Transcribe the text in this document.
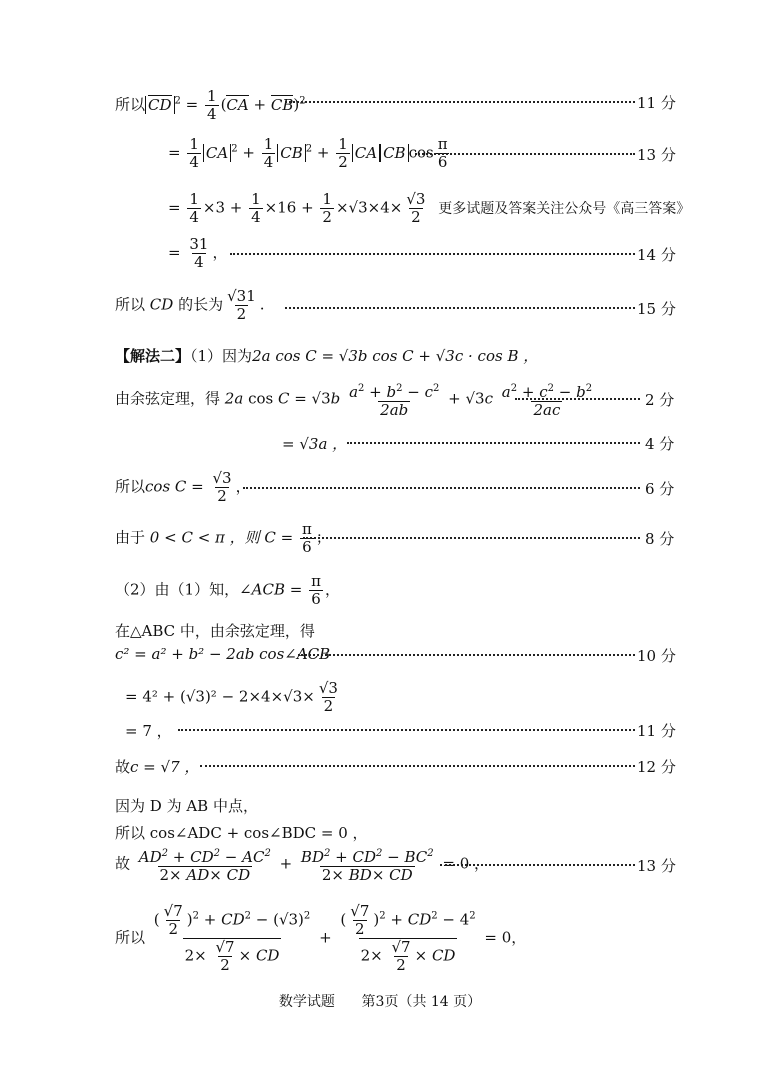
所以 CD $^2 = \frac{1}{4} (CA + CB)^2$	11 分
= $\frac{1}{4}$ CA $^2 + \frac{1}{4}$ CB $^2 + \frac{1}{2}$ CA CB $\cos \frac{\pi}{6}$	13 分
= $\frac{1}{4} \times 3 + \frac{1}{4} \times 16 + \frac{1}{2} \times√3\times 4\times \frac{√3}{2}$ 更多试题及答案关注公众号《高三答案》
= $\frac{31}{4}$ ，	14 分
所以 CD 的长为 $\frac{√31}{2}$ .	15 分
【解法二】（1）因为2a cos C = √3b cos C + √3c · cos B ，
由余弦定理，得 2a $\cos C = √3b \frac{a^2 + b^2 - c^2}{2ab} + √3c \frac{a^2 + c^2 - b^2}{2ac}$	2 分
= √3a ，	4 分
所以$\cos C = \frac{√3}{2}$ ，	6 分
由于 0 < C < π ，则 $C = \frac{\pi}{6}$ ；	8 分
（2）由（1）知，∠ACB = $\frac{\pi}{6}$ ，
在△ABC 中，由余弦定理，得
c² = a² + b² − 2ab cos∠ACB	10 分
= $4^2 + (√3)^2 - 2\times 4\times√3\times \frac{√3}{2}$
= 7 ，	11 分
故c = √7 ，	12 分
因为 D 为 AB 中点，
所以 cos∠ADC + cos∠BDC = 0 ，
故 $\frac{AD^2 + CD^2 - AC^2}{2\times AD\times CD} + \frac{BD^2 + CD^2 - BC^2}{2\times BD\times CD} = 0$ ，	13 分
所以 $\frac{( \frac{√7}{2} )^2 + CD^2 - (√3)^2}{2\times \frac{√7}{2} \times CD} + \frac{( \frac{√7}{2} )^2 + CD^2 - 4^2}{2\times \frac{√7}{2} \times CD} = 0$，
数学试题 第3页（共 14 页）
